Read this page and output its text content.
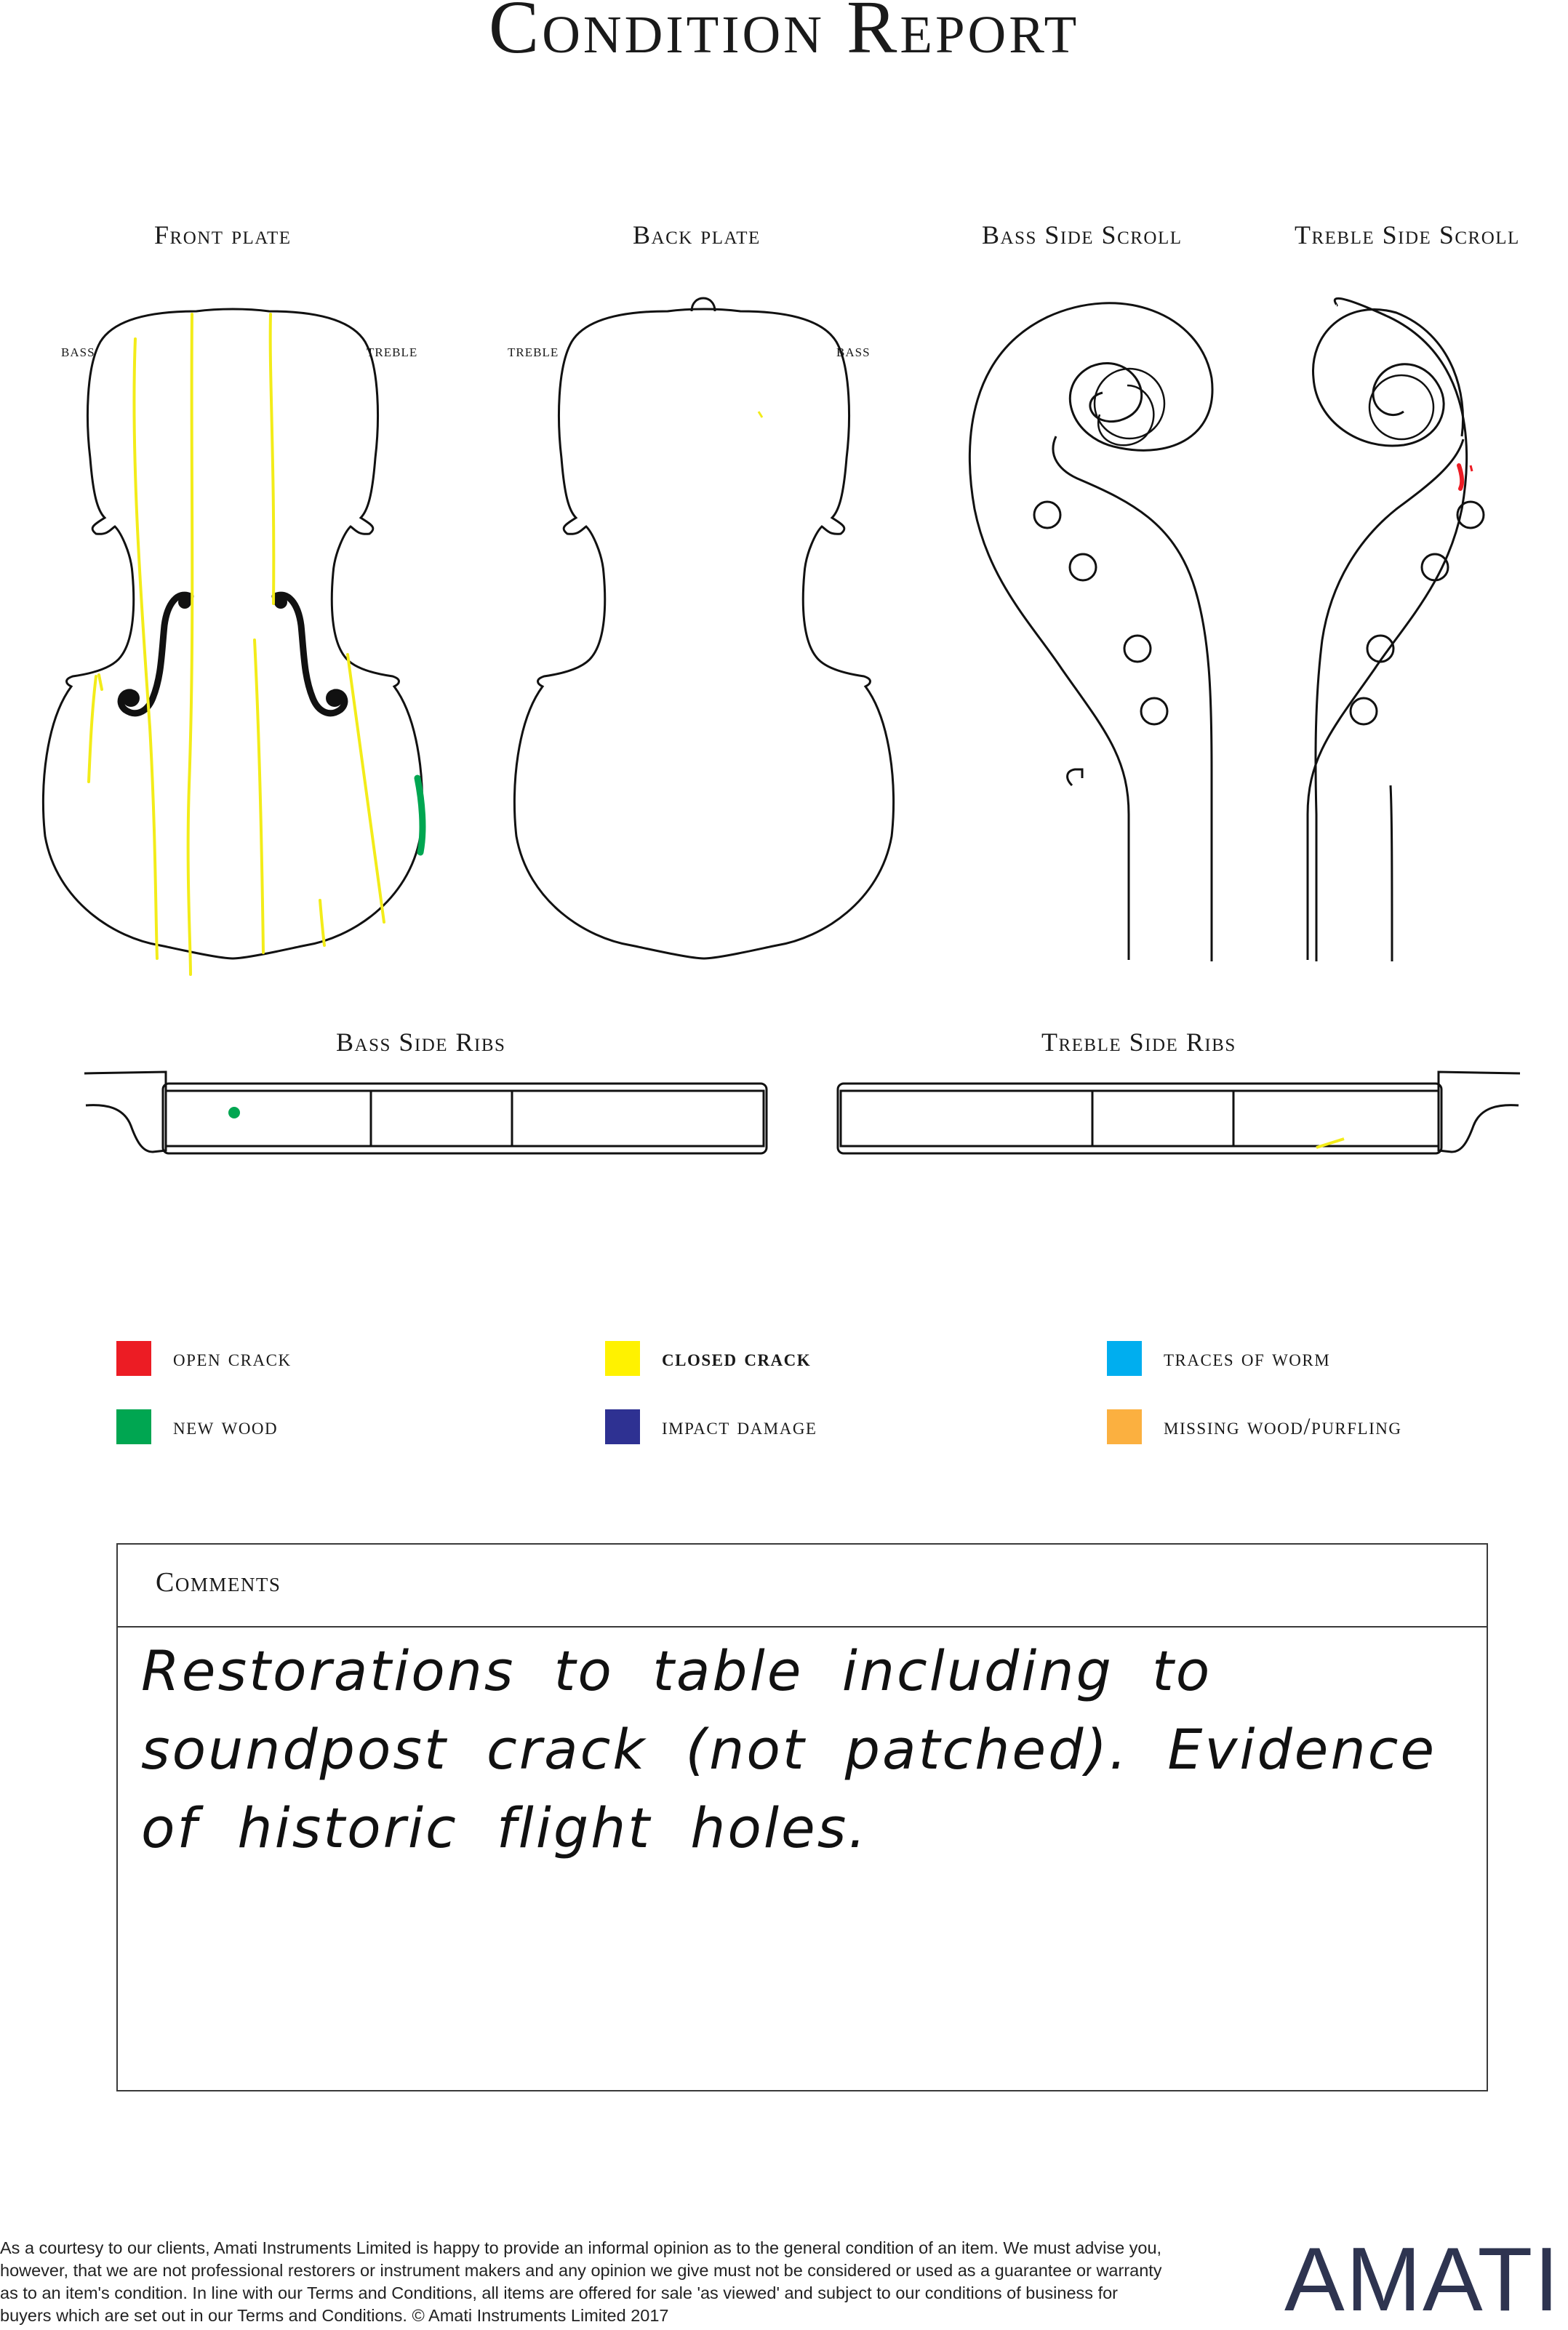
Condition Report
Front plate	Back plate	Bass Side Scroll	Treble Side Scroll
Bass Side Ribs	Treble Side Ribs
bass	treble	treble	bass
open crack	closed crack	traces of worm
new wood	impact damage	missing wood/purfling
Comments
Restorations to table including to soundpost crack (not patched). Evidence of historic flight holes.
As a courtesy to our clients, Amati Instruments Limited is happy to provide an informal opinion as to the general condition of an item. We must advise you, however, that we are not professional restorers or instrument makers and any opinion we give must not be considered or used as a guarantee or warranty as to an item's condition. In line with our Terms and Conditions, all items are offered for sale 'as viewed' and subject to our conditions of business for buyers which are set out in our Terms and Conditions. © Amati Instruments Limited 2017	AMATI
